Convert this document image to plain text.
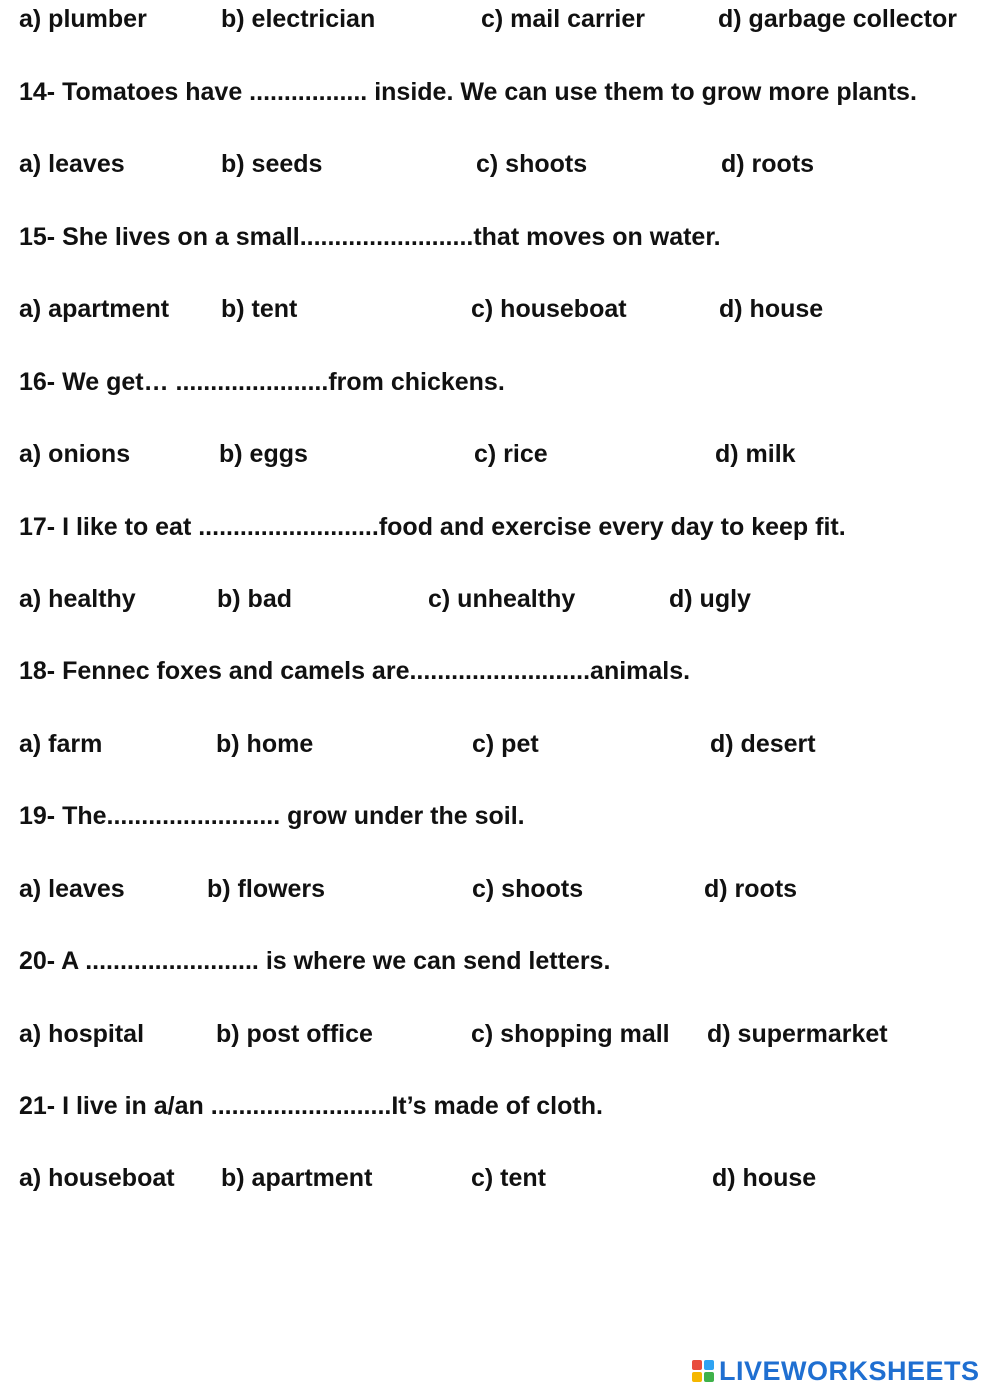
a) plumber	b) electrician	c) mail carrier	d) garbage collector
14- Tomatoes have ................. inside. We can use them to grow more plants.
a) leaves	b) seeds	c) shoots	d) roots
15- She lives on a small.........................that moves on water.
a) apartment b) tent	c) houseboat	d) house
16- We get… ......................from chickens.
a) onions	b) eggs	c) rice	d) milk
17- I like to eat ..........................food and exercise every day to keep fit.
a) healthy	b) bad	c) unhealthy	d) ugly
18- Fennec foxes and camels are..........................animals.
a) farm	b) home	c) pet	d) desert
19- The......................... grow under the soil.
a) leaves	b) flowers	c) shoots	d) roots
20- A ......................... is where we can send letters.
a) hospital	b) post office	c) shopping mall d) supermarket
21- I live in a/an ..........................It’s made of cloth.
a) houseboat b) apartment	c) tent	d) house
LIVEWORKSHEETS
